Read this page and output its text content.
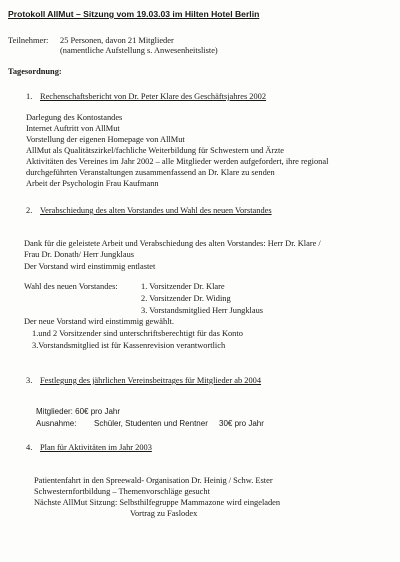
Protokoll AllMut – Sitzung vom 19.03.03 im Hilten Hotel Berlin
Teilnehmer: 25 Personen, davon 21 Mitglieder
(namentliche Aufstellung s. Anwesenheitsliste)
Tagesordnung:
1. Rechenschaftsbericht von Dr. Peter Klare des Geschäftsjahres 2002
Darlegung des Kontostandes
Internet Auftritt von AllMut
Vorstellung der eigenen Homepage von AllMut
AllMut als Qualitätszirkel/fachliche Weiterbildung für Schwestern und Ärzte
Aktivitäten des Vereines im Jahr 2002 – alle Mitglieder werden aufgefordert, ihre regional
durchgeführten Veranstaltungen zusammenfassend an Dr. Klare zu senden
Arbeit der Psychologin Frau Kaufmann
2. Verabschiedung des alten Vorstandes und Wahl des neuen Vorstandes
Dank für die geleistete Arbeit und Verabschiedung des alten Vorstandes: Herr Dr. Klare /
Frau Dr. Donath/ Herr Jungklaus
Der Vorstand wird einstimmig entlastet
Wahl des neuen Vorstandes:	1. Vorsitzender Dr. Klare
2. Vorsitzender Dr. Widing
3. Vorstandsmitglied Herr Jungklaus
Der neue Vorstand wird einstimmig gewählt.
1.und 2 Vorsitzender sind unterschriftsberechtigt für das Konto
3.Vorstandsmitglied ist für Kassenrevision verantwortlich
3. Festlegung des jährlichen Vereinsbeitrages für Mitglieder ab 2004
Mitglieder: 60€ pro Jahr
Ausnahme: Schüler, Studenten und Rentner 30€ pro Jahr
4. Plan für Aktivitäten im Jahr 2003
Patientenfahrt in den Spreewald- Organisation Dr. Heinig / Schw. Ester
Schwesternfortbildung – Themenvorschläge gesucht
Nächste AllMut Sitzung: Selbsthilfegruppe Mammazone wird eingeladen
Vortrag zu Faslodex
